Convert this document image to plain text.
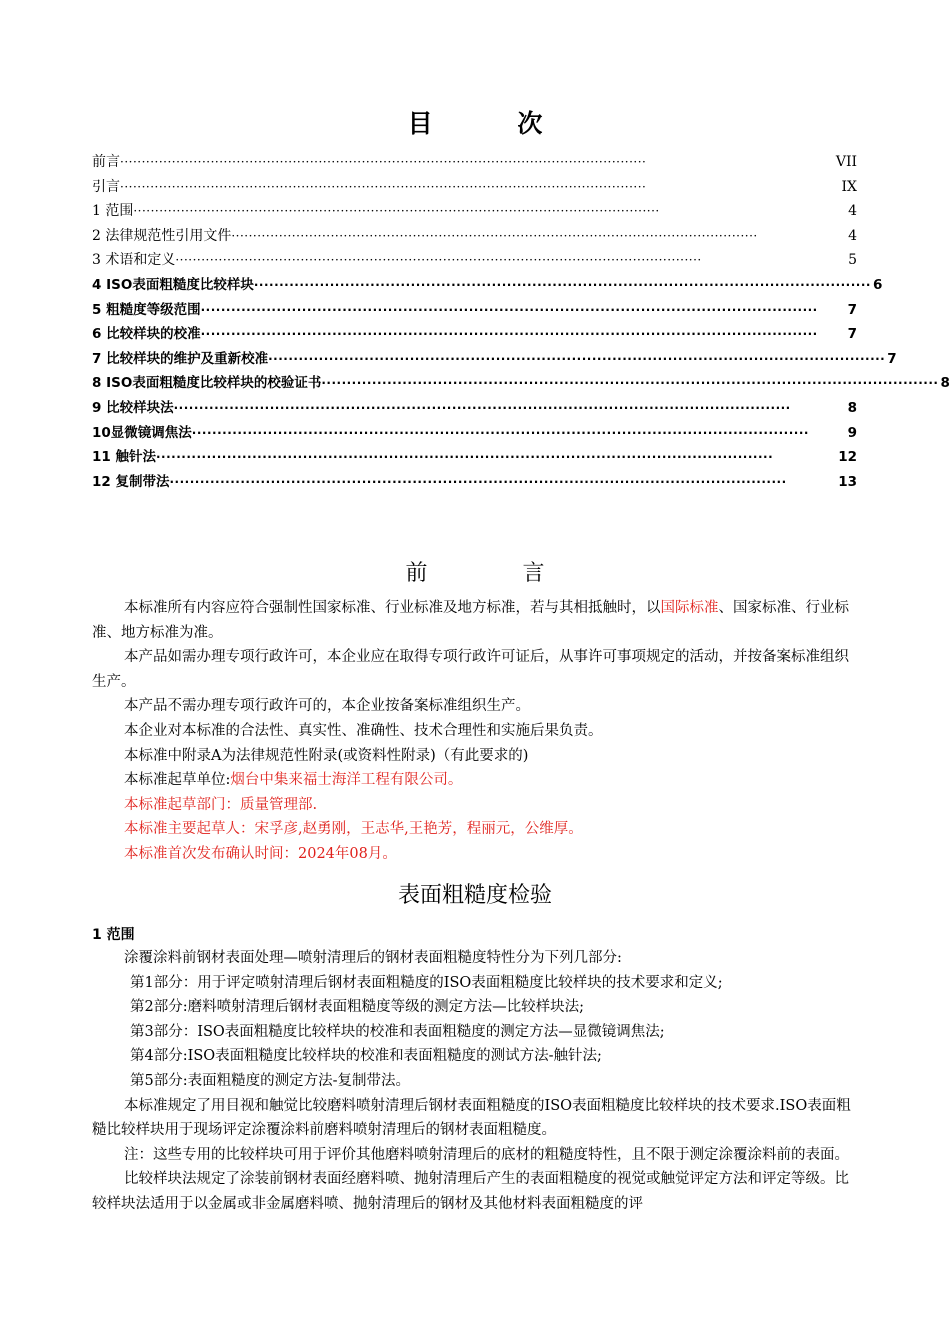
目 次
前言 ··························································································································	VII
引言 ··························································································································	IX
1 范围 ··························································································································	4
2 法律规范性引用文件 ··························································································································	4
3 术语和定义 ··························································································································	5
4 ISO表面粗糙度比较样块 ·························································································································· 6
5 粗糙度等级范围 ··························································································································	7
6 比较样块的校准 ··························································································································	7
7 比较样块的维护及重新校准 ·························································································································· 7
8 ISO表面粗糙度比较样块的校验证书 ·························································································································· 8
9 比较样块法 ··························································································································	8
10显微镜调焦法 ··························································································································	9
11 触针法 ··························································································································	12
12 复制带法 ··························································································································	13
前 言

本标准所有内容应符合强制性国家标准、行业标准及地方标准，若与其相抵触时，以国际标准、国家标准、行业标准、地方标准为准。

本产品如需办理专项行政许可，本企业应在取得专项行政许可证后，从事许可事项规定的活动，并按备案标准组织生产。

本产品不需办理专项行政许可的，本企业按备案标准组织生产。

本企业对本标准的合法性、真实性、准确性、技术合理性和实施后果负责。

本标准中附录A为法律规范性附录(或资料性附录)（有此要求的)

本标准起草单位:烟台中集来福士海洋工程有限公司。

本标准起草部门：质量管理部.

本标准主要起草人：宋孚彦,赵勇刚，王志华,王艳芳，程丽元，公维厚。

本标准首次发布确认时间：2024年08月。

表面粗糙度检验
1 范围

涂覆涂料前钢材表面处理—喷射清理后的钢材表面粗糙度特性分为下列几部分:

第1部分：用于评定喷射清理后钢材表面粗糙度的ISO表面粗糙度比较样块的技术要求和定义;

第2部分:磨料喷射清理后钢材表面粗糙度等级的测定方法—比较样块法;

第3部分：ISO表面粗糙度比较样块的校准和表面粗糙度的测定方法—显微镜调焦法;

第4部分:ISO表面粗糙度比较样块的校准和表面粗糙度的测试方法-触针法;

第5部分:表面粗糙度的测定方法-复制带法。

本标准规定了用目视和触觉比较磨料喷射清理后钢材表面粗糙度的ISO表面粗糙度比较样块的技术要求.ISO表面粗糙比较样块用于现场评定涂覆涂料前磨料喷射清理后的钢材表面粗糙度。

注：这些专用的比较样块可用于评价其他磨料喷射清理后的底材的粗糙度特性，且不限于测定涂覆涂料前的表面。

比较样块法规定了涂装前钢材表面经磨料喷、抛射清理后产生的表面粗糙度的视觉或触觉评定方法和评定等级。比较样块法适用于以金属或非金属磨料喷、抛射清理后的钢材及其他材料表面粗糙度的评
